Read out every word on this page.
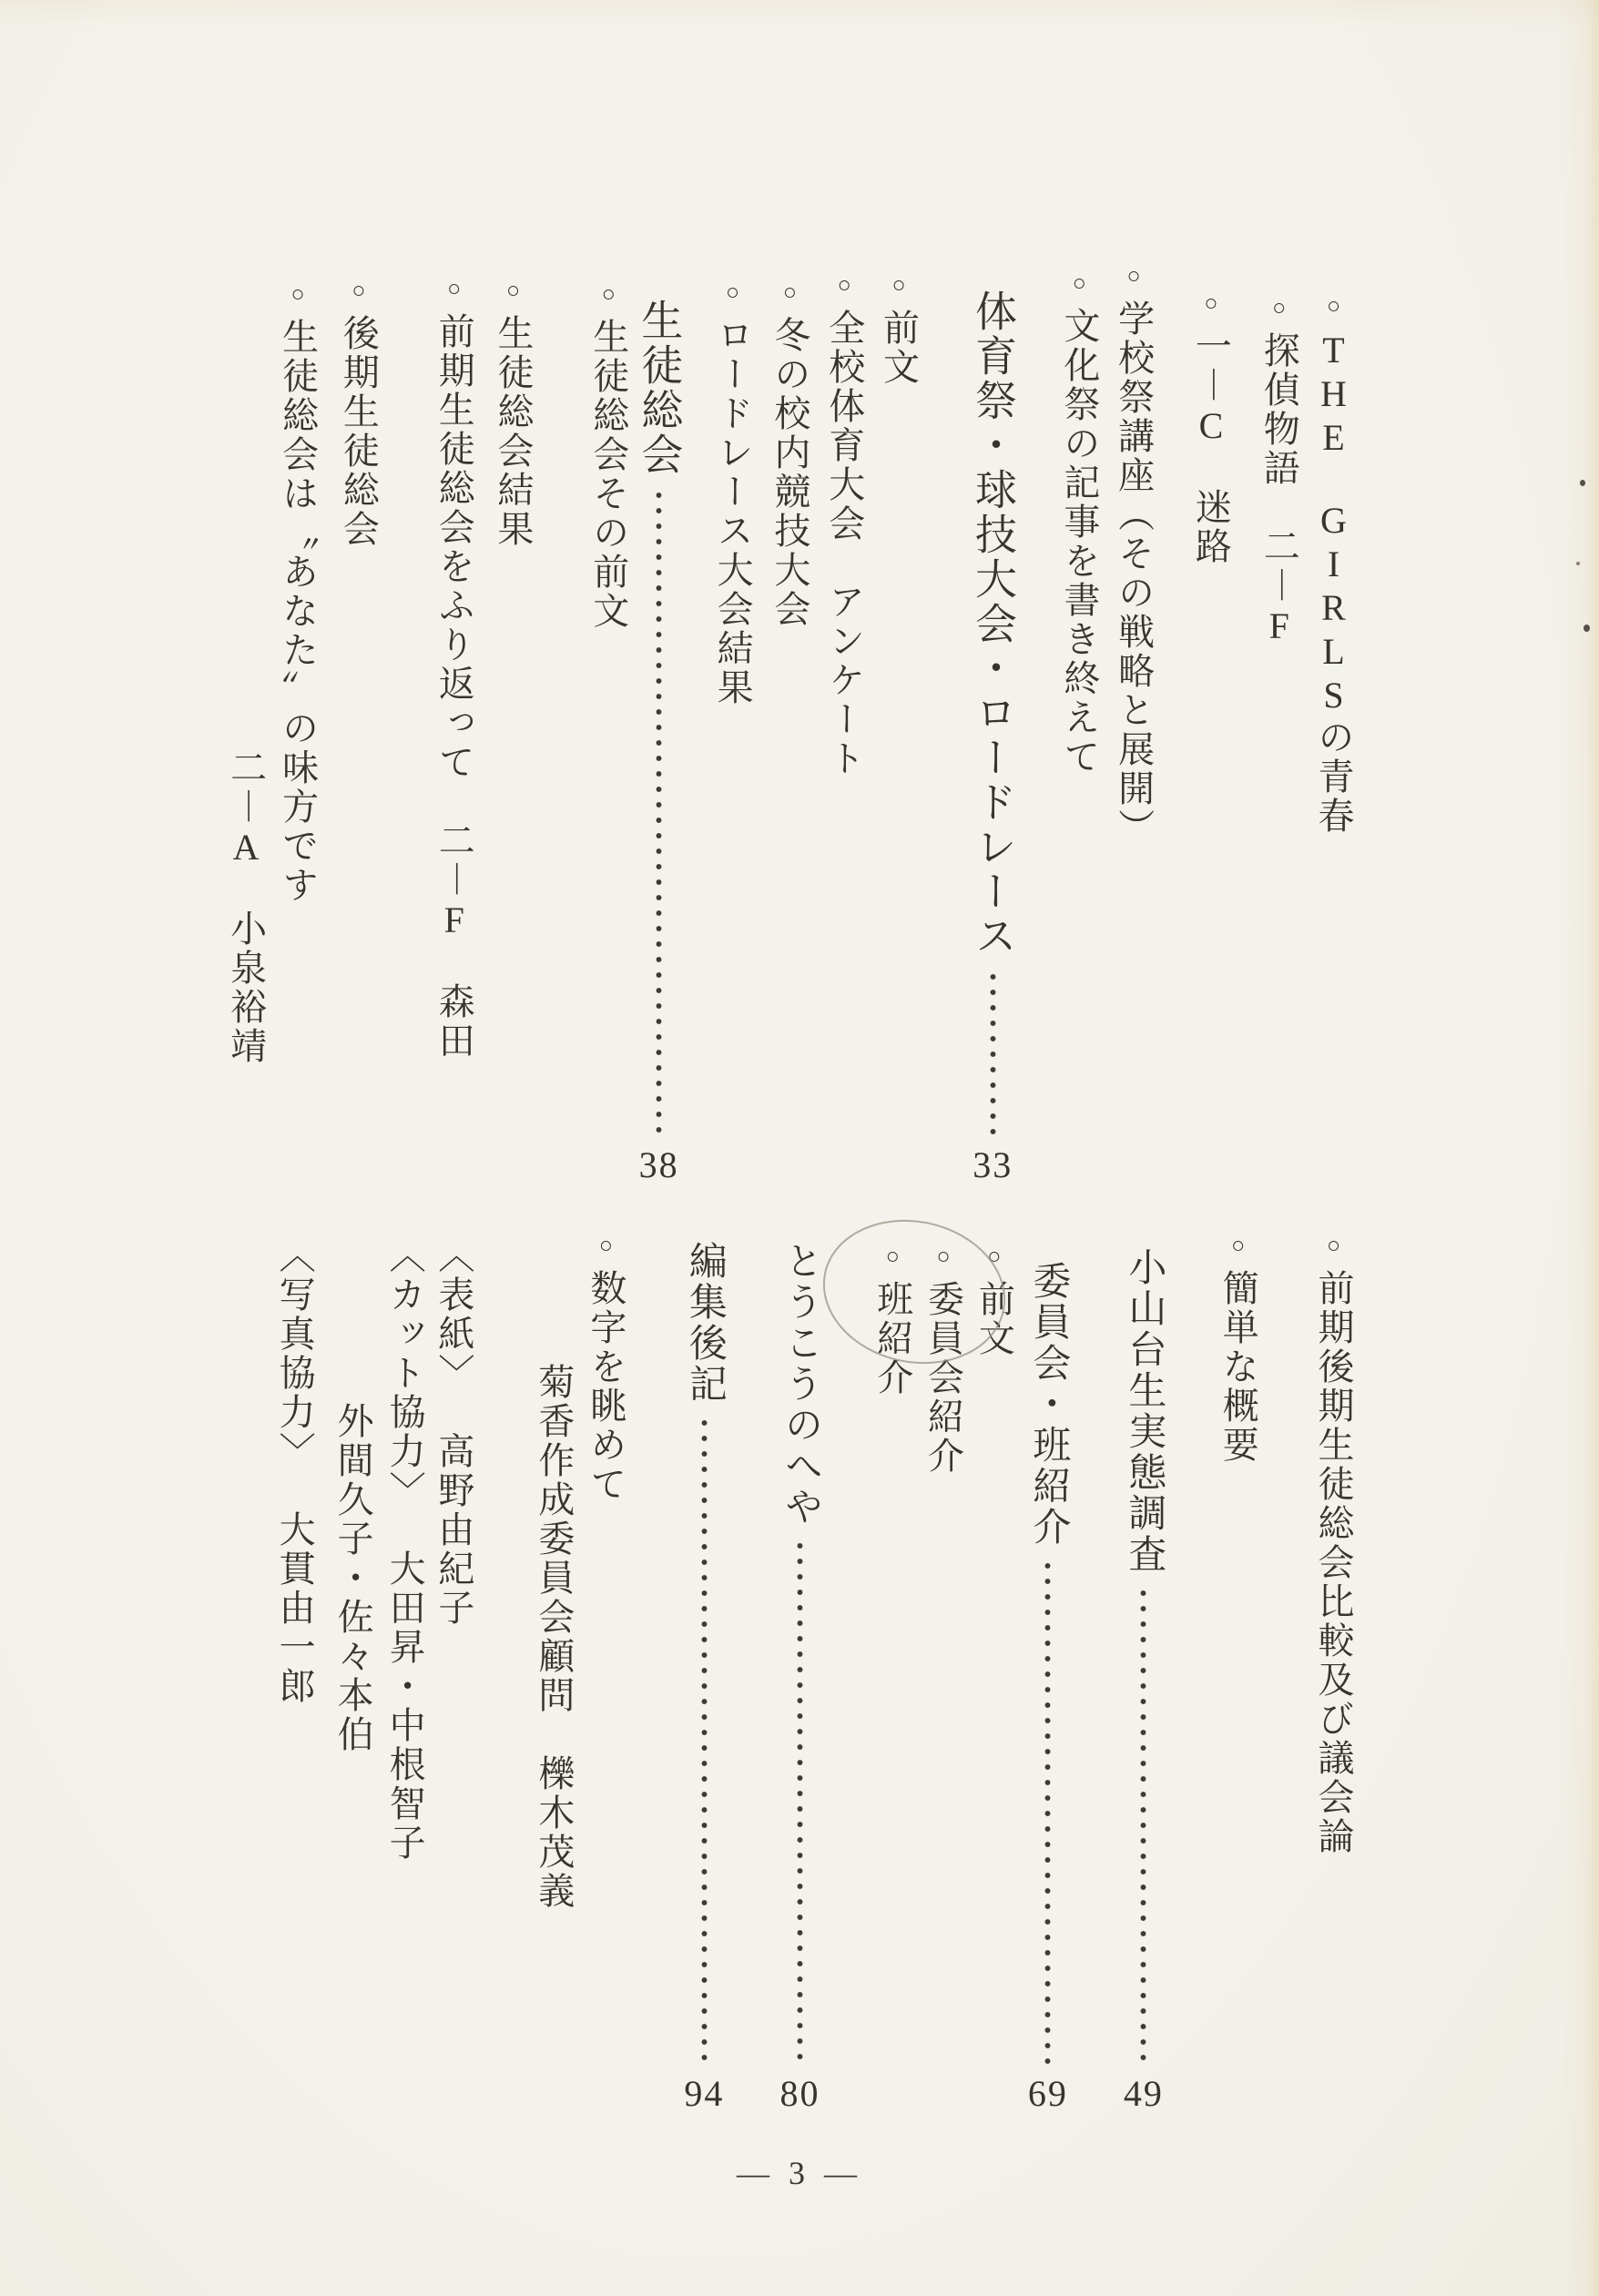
○THE　GIRLSの青春
○探偵物語　二︱F
○一︱C　迷路
○学校祭講座︵その戦略と展開︶
○文化祭の記事を書き終えて
体育祭・球技大会・ロードレース
33
○前文
○全校体育大会　アンケート
○冬の校内競技大会
○ロードレース大会結果
生徒総会
38
○生徒総会その前文
○生徒総会結果
○前期生徒総会をふり返って　二︱F　森田
○後期生徒総会
○生徒総会は〝あなた〟の味方です
二︱A　小泉裕靖
○前期後期生徒総会比較及び議会論
○簡単な概要
小山台生実態調査
49
委員会・班紹介
69
○前文
○委員会紹介
○班紹介
とうこうのへや
80
編集後記
94
○数字を眺めて
菊香作成委員会顧問　櫟木茂義
︿表紙﹀　高野由紀子
︿カット協力﹀　大田昇・中根智子
外間久子・佐々本伯
︿写真協力﹀　大貫由一郎
― 3 ―
